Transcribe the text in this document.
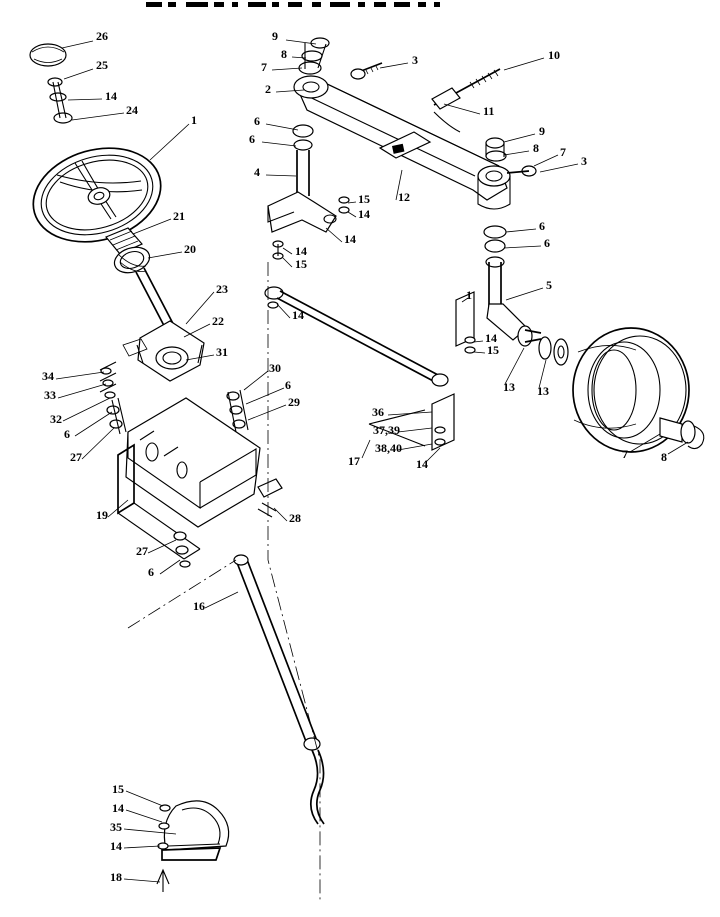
26
25
14
24
1
21
20
23
22
31
34
33
32
6
27
19
27
6
16
15
14
35
14
18
30
6
29
28
9
8
7
2
3
6
6
4
15
14
12
14
14
15
14
10
11
9
8 7
3
6
6
5
1
14
15
13 13
7	8
36
37,39
38,40
17	14
